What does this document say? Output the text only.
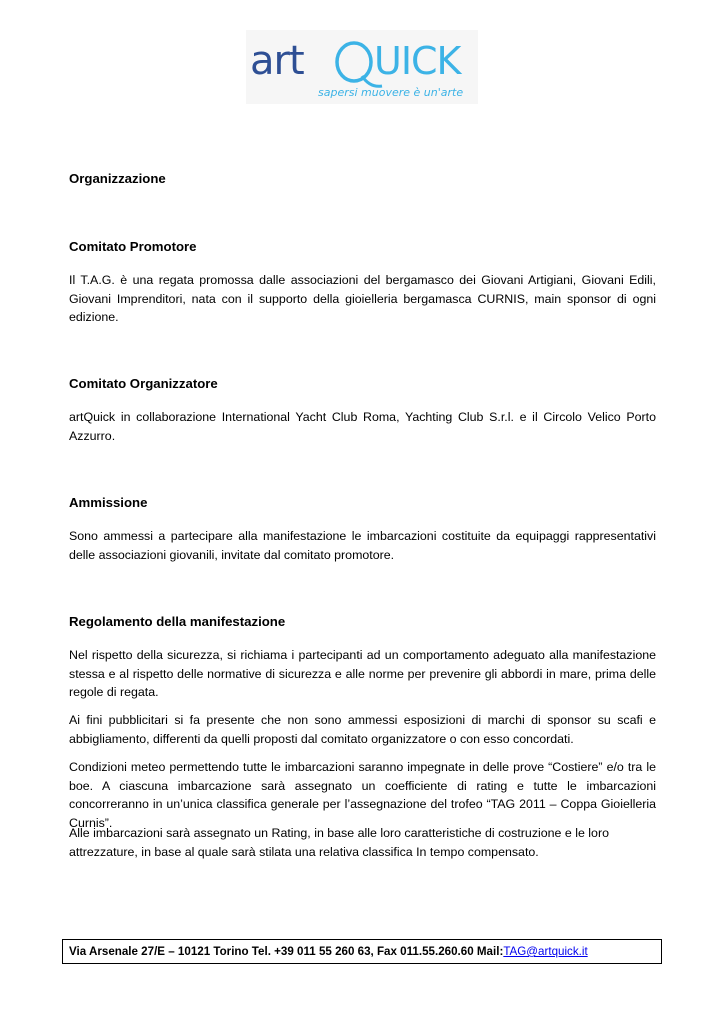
art UICK
sapersi muovere è un'arte
Organizzazione
Comitato Promotore
Il T.A.G. è una regata promossa dalle associazioni del bergamasco dei Giovani Artigiani, Giovani Edili, Giovani Imprenditori, nata con il supporto della gioielleria bergamasca CURNIS, main sponsor di ogni edizione.
Comitato Organizzatore
artQuick in collaborazione International Yacht Club Roma, Yachting Club S.r.l. e il Circolo Velico Porto Azzurro.
Ammissione
Sono ammessi a partecipare alla manifestazione le imbarcazioni costituite da equipaggi rappresentativi delle associazioni giovanili, invitate dal comitato promotore.
Regolamento della manifestazione
Nel rispetto della sicurezza, si richiama i partecipanti ad un comportamento adeguato alla manifestazione stessa e al rispetto delle normative di sicurezza e alle norme per prevenire gli abbordi in mare, prima delle regole di regata.
Ai fini pubblicitari si fa presente che non sono ammessi esposizioni di marchi di sponsor su scafi e abbigliamento, differenti da quelli proposti dal comitato organizzatore o con esso concordati.
Condizioni meteo permettendo tutte le imbarcazioni saranno impegnate in delle prove “Costiere” e/o tra le boe. A ciascuna imbarcazione sarà assegnato un coefficiente di rating e tutte le imbarcazioni concorreranno in un’unica classifica generale per l’assegnazione del trofeo “TAG 2011 – Coppa Gioielleria Curnis”.
Alle imbarcazioni sarà assegnato un Rating, in base alle loro caratteristiche di costruzione e le loro attrezzature, in base al quale sarà stilata una relativa classifica In tempo compensato.
Via Arsenale 27/E – 10121 Torino Tel. +39 011 55 260 63, Fax 011.55.260.60 Mail:TAG@artquick.it
